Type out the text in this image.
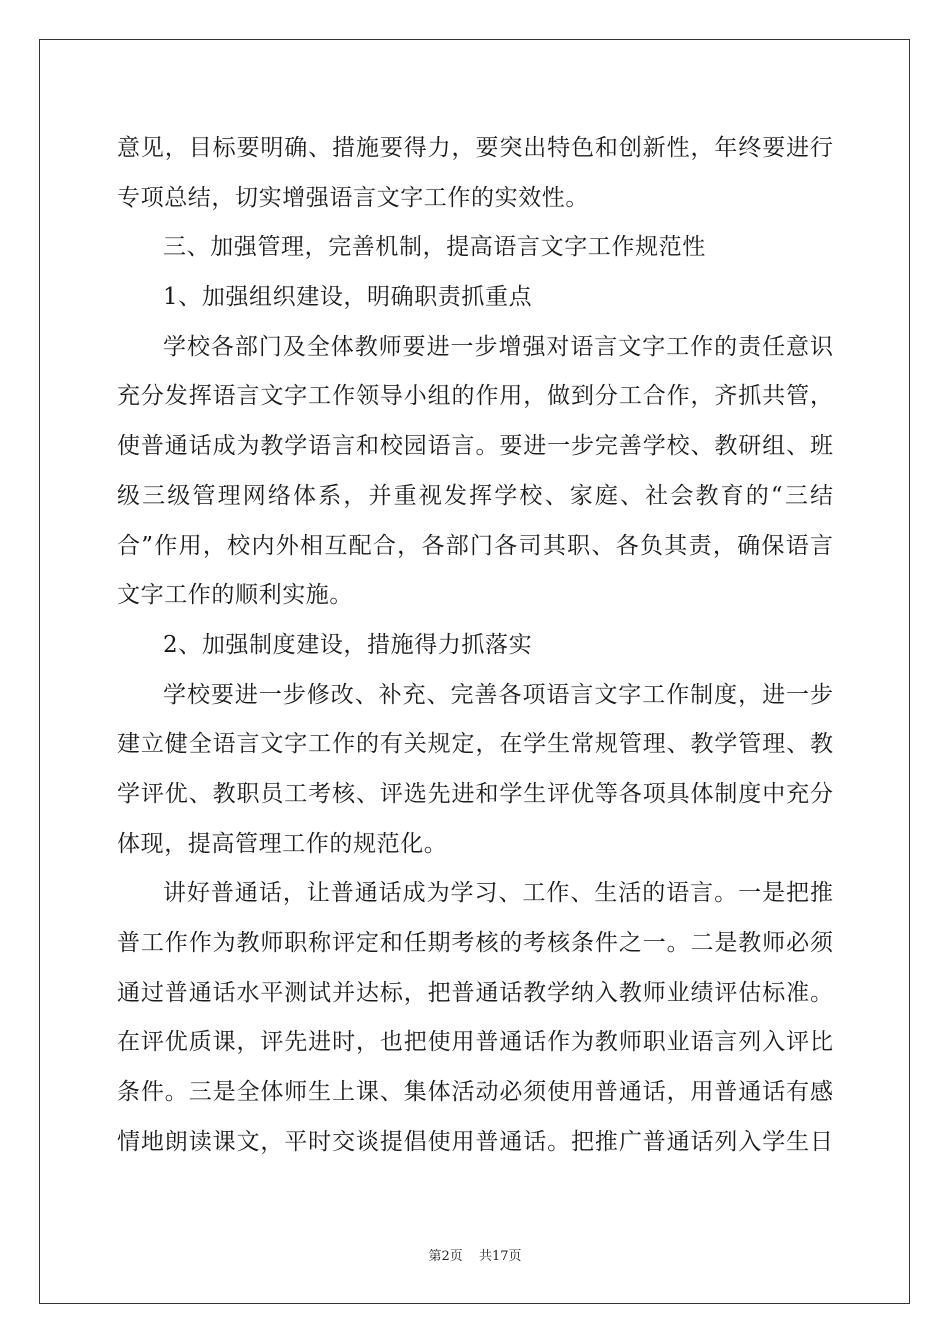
意见，目标要明确、措施要得力，要突出特色和创新性，年终要进行
专项总结，切实增强语言文字工作的实效性。
三、加强管理，完善机制，提高语言文字工作规范性
1、加强组织建设，明确职责抓重点
学校各部门及全体教师要进一步增强对语言文字工作的责任意识
充分发挥语言文字工作领导小组的作用，做到分工合作，齐抓共管，
使普通话成为教学语言和校园语言。要进一步完善学校、教研组、班
级三级管理网络体系，并重视发挥学校、家庭、社会教育的“三结
合”作用，校内外相互配合，各部门各司其职、各负其责，确保语言
文字工作的顺利实施。
2、加强制度建设，措施得力抓落实
学校要进一步修改、补充、完善各项语言文字工作制度，进一步
建立健全语言文字工作的有关规定，在学生常规管理、教学管理、教
学评优、教职员工考核、评选先进和学生评优等各项具体制度中充分
体现，提高管理工作的规范化。
讲好普通话，让普通话成为学习、工作、生活的语言。一是把推
普工作作为教师职称评定和任期考核的考核条件之一。二是教师必须
通过普通话水平测试并达标，把普通话教学纳入教师业绩评估标准。
在评优质课，评先进时，也把使用普通话作为教师职业语言列入评比
条件。三是全体师生上课、集体活动必须使用普通话，用普通话有感
情地朗读课文，平时交谈提倡使用普通话。把推广普通话列入学生日
第2页 共17页
